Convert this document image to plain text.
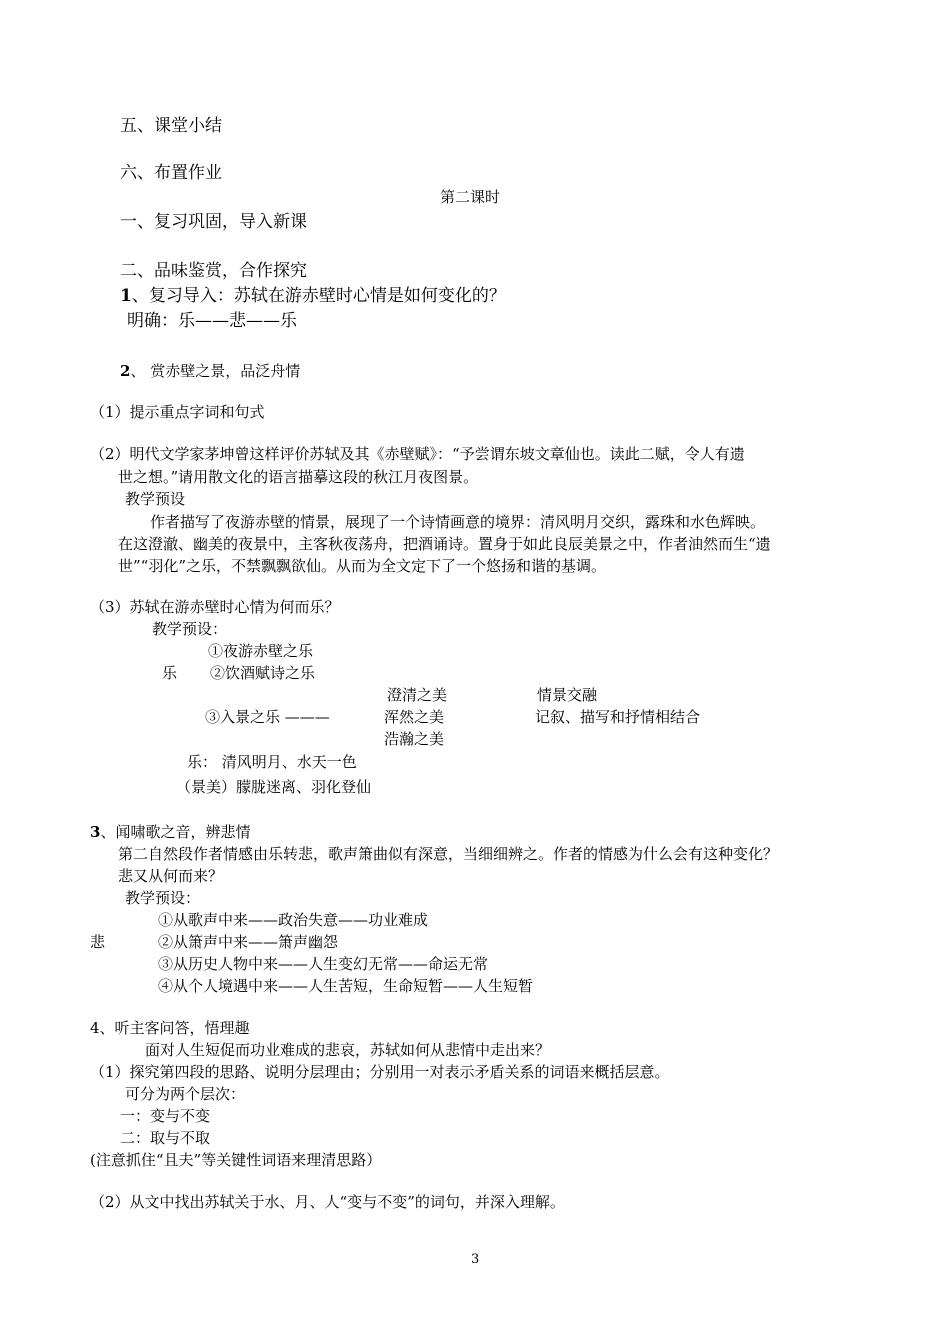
五、课堂小结
六、布置作业
第二课时
一、复习巩固，导入新课
二、品味鉴赏，合作探究
1、复习导入：苏轼在游赤壁时心情是如何变化的？
明确：乐——悲——乐
2、 赏赤壁之景，品泛舟情
（1）提示重点字词和句式
（2）明代文学家茅坤曾这样评价苏轼及其《赤壁赋》：“予尝谓东坡文章仙也。读此二赋，令人有遗
世之想。”请用散文化的语言描摹这段的秋江月夜图景。
教学预设
作者描写了夜游赤壁的情景，展现了一个诗情画意的境界：清风明月交织，露珠和水色辉映。
在这澄澈、幽美的夜景中，主客秋夜荡舟，把酒诵诗。置身于如此良辰美景之中，作者油然而生“遗
世”“羽化”之乐，不禁飘飘欲仙。从而为全文定下了一个悠扬和谐的基调。
（3）苏轼在游赤壁时心情为何而乐？
教学预设：
①夜游赤壁之乐
乐 ②饮酒赋诗之乐
澄清之美	情景交融
③入景之乐 ———	浑然之美	记叙、描写和抒情相结合
浩瀚之美
乐： 清风明月、水天一色
（景美）朦胧迷离、羽化登仙
3、闻啸歌之音，辨悲情
第二自然段作者情感由乐转悲，歌声箫曲似有深意，当细细辨之。作者的情感为什么会有这种变化？
悲又从何而来？
教学预设：
①从歌声中来——政治失意——功业难成
悲	②从箫声中来——箫声幽怨
③从历史人物中来——人生变幻无常——命运无常
④从个人境遇中来——人生苦短，生命短暂——人生短暂
4、听主客问答，悟理趣
面对人生短促而功业难成的悲哀，苏轼如何从悲情中走出来？
（1）探究第四段的思路、说明分层理由；分别用一对表示矛盾关系的词语来概括层意。
可分为两个层次：
一：变与不变
二：取与不取
(注意抓住“且夫”等关键性词语来理清思路）
（2）从文中找出苏轼关于水、月、人“变与不变”的词句，并深入理解。
3
